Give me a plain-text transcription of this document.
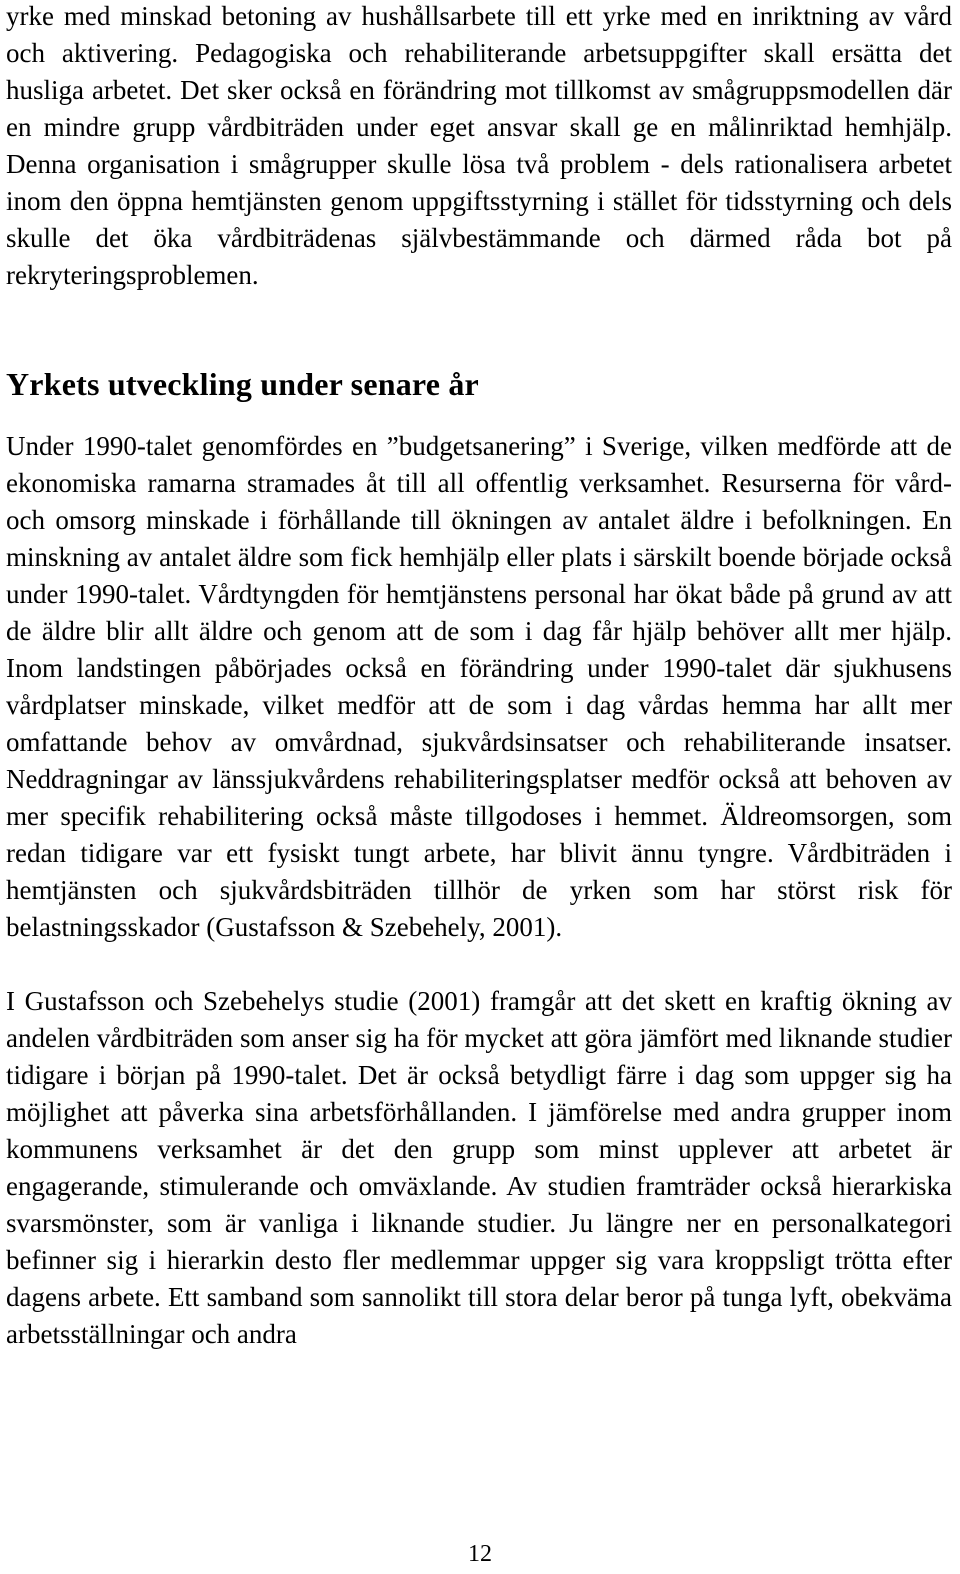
yrke med minskad betoning av hushållsarbete till ett yrke med en inriktning av vård och aktivering. Pedagogiska och rehabiliterande arbetsuppgifter skall ersätta det husliga arbetet. Det sker också en förändring mot tillkomst av smågruppsmodellen där en mindre grupp vårdbiträden under eget ansvar skall ge en målinriktad hemhjälp. Denna organisation i smågrupper skulle lösa två problem - dels rationalisera arbetet inom den öppna hemtjänsten genom uppgiftsstyrning i stället för tidsstyrning och dels skulle det öka vårdbiträdenas självbestämmande och därmed råda bot på rekryteringsproblemen.

Yrkets utveckling under senare år

Under 1990-talet genomfördes en ”budgetsanering” i Sverige, vilken medförde att de ekonomiska ramarna stramades åt till all offentlig verksamhet. Resurserna för vård- och omsorg minskade i förhållande till ökningen av antalet äldre i befolkningen. En minskning av antalet äldre som fick hemhjälp eller plats i särskilt boende började också under 1990-talet. Vårdtyngden för hemtjänstens personal har ökat både på grund av att de äldre blir allt äldre och genom att de som i dag får hjälp behöver allt mer hjälp. Inom landstingen påbörjades också en förändring under 1990-talet där sjukhusens vårdplatser minskade, vilket medför att de som i dag vårdas hemma har allt mer omfattande behov av omvårdnad, sjukvårdsinsatser och rehabiliterande insatser. Neddragningar av länssjukvårdens rehabiliteringsplatser medför också att behoven av mer specifik rehabilitering också måste tillgodoses i hemmet. Äldreomsorgen, som redan tidigare var ett fysiskt tungt arbete, har blivit ännu tyngre. Vårdbiträden i hemtjänsten och sjukvårdsbiträden tillhör de yrken som har störst risk för belastningsskador (Gustafsson & Szebehely, 2001).

I Gustafsson och Szebehelys studie (2001) framgår att det skett en kraftig ökning av andelen vårdbiträden som anser sig ha för mycket att göra jämfört med liknande studier tidigare i början på 1990-talet. Det är också betydligt färre i dag som uppger sig ha möjlighet att påverka sina arbetsförhållanden. I jämförelse med andra grupper inom kommunens verksamhet är det den grupp som minst upplever att arbetet är engagerande, stimulerande och omväxlande. Av studien framträder också hierarkiska svarsmönster, som är vanliga i liknande studier. Ju längre ner en personalkategori befinner sig i hierarkin desto fler medlemmar uppger sig vara kroppsligt trötta efter dagens arbete. Ett samband som sannolikt till stora delar beror på tunga lyft, obekväma arbetsställningar och andra

12
